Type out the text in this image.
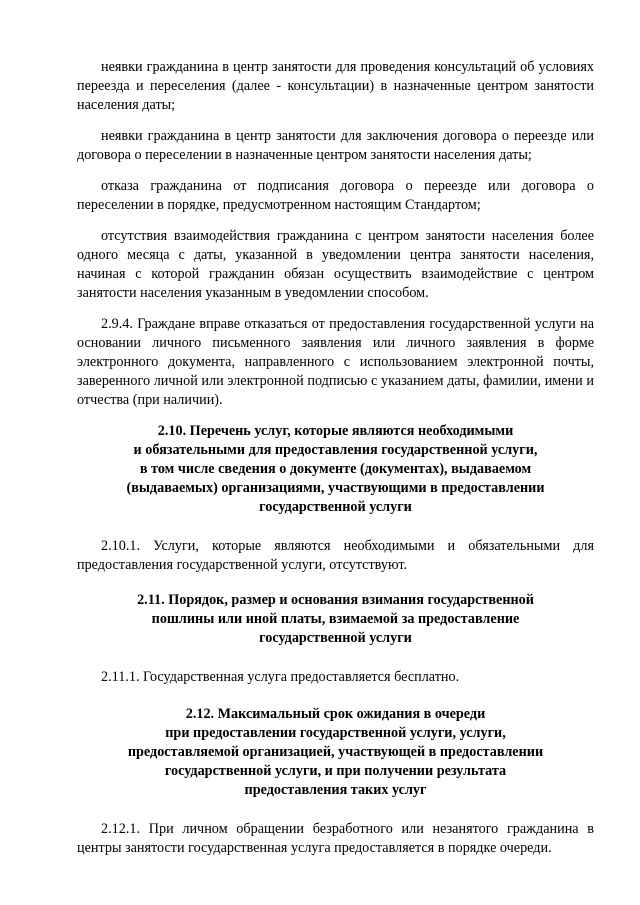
неявки гражданина в центр занятости для проведения консультаций об условиях переезда и переселения (далее - консультации) в назначенные центром занятости населения даты;

неявки гражданина в центр занятости для заключения договора о переезде или договора о переселении в назначенные центром занятости населения даты;

отказа гражданина от подписания договора о переезде или договора о переселении в порядке, предусмотренном настоящим Стандартом;

отсутствия взаимодействия гражданина с центром занятости населения более одного месяца с даты, указанной в уведомлении центра занятости населения, начиная с которой гражданин обязан осуществить взаимодействие с центром занятости населения указанным в уведомлении способом.

2.9.4. Граждане вправе отказаться от предоставления государственной услуги на основании личного письменного заявления или личного заявления в форме электронного документа, направленного с использованием электронной почты, заверенного личной или электронной подписью с указанием даты, фамилии, имени и отчества (при наличии).

2.10. Перечень услуг, которые являются необходимыми
и обязательными для предоставления государственной услуги,
в том числе сведения о документе (документах), выдаваемом
(выдаваемых) организациями, участвующими в предоставлении
государственной услуги

2.10.1. Услуги, которые являются необходимыми и обязательными для предоставления государственной услуги, отсутствуют.

2.11. Порядок, размер и основания взимания государственной
пошлины или иной платы, взимаемой за предоставление
государственной услуги

2.11.1. Государственная услуга предоставляется бесплатно.

2.12. Максимальный срок ожидания в очереди
при предоставлении государственной услуги, услуги,
предоставляемой организацией, участвующей в предоставлении
государственной услуги, и при получении результата
предоставления таких услуг

2.12.1. При личном обращении безработного или незанятого гражданина в центры занятости государственная услуга предоставляется в порядке очереди.
